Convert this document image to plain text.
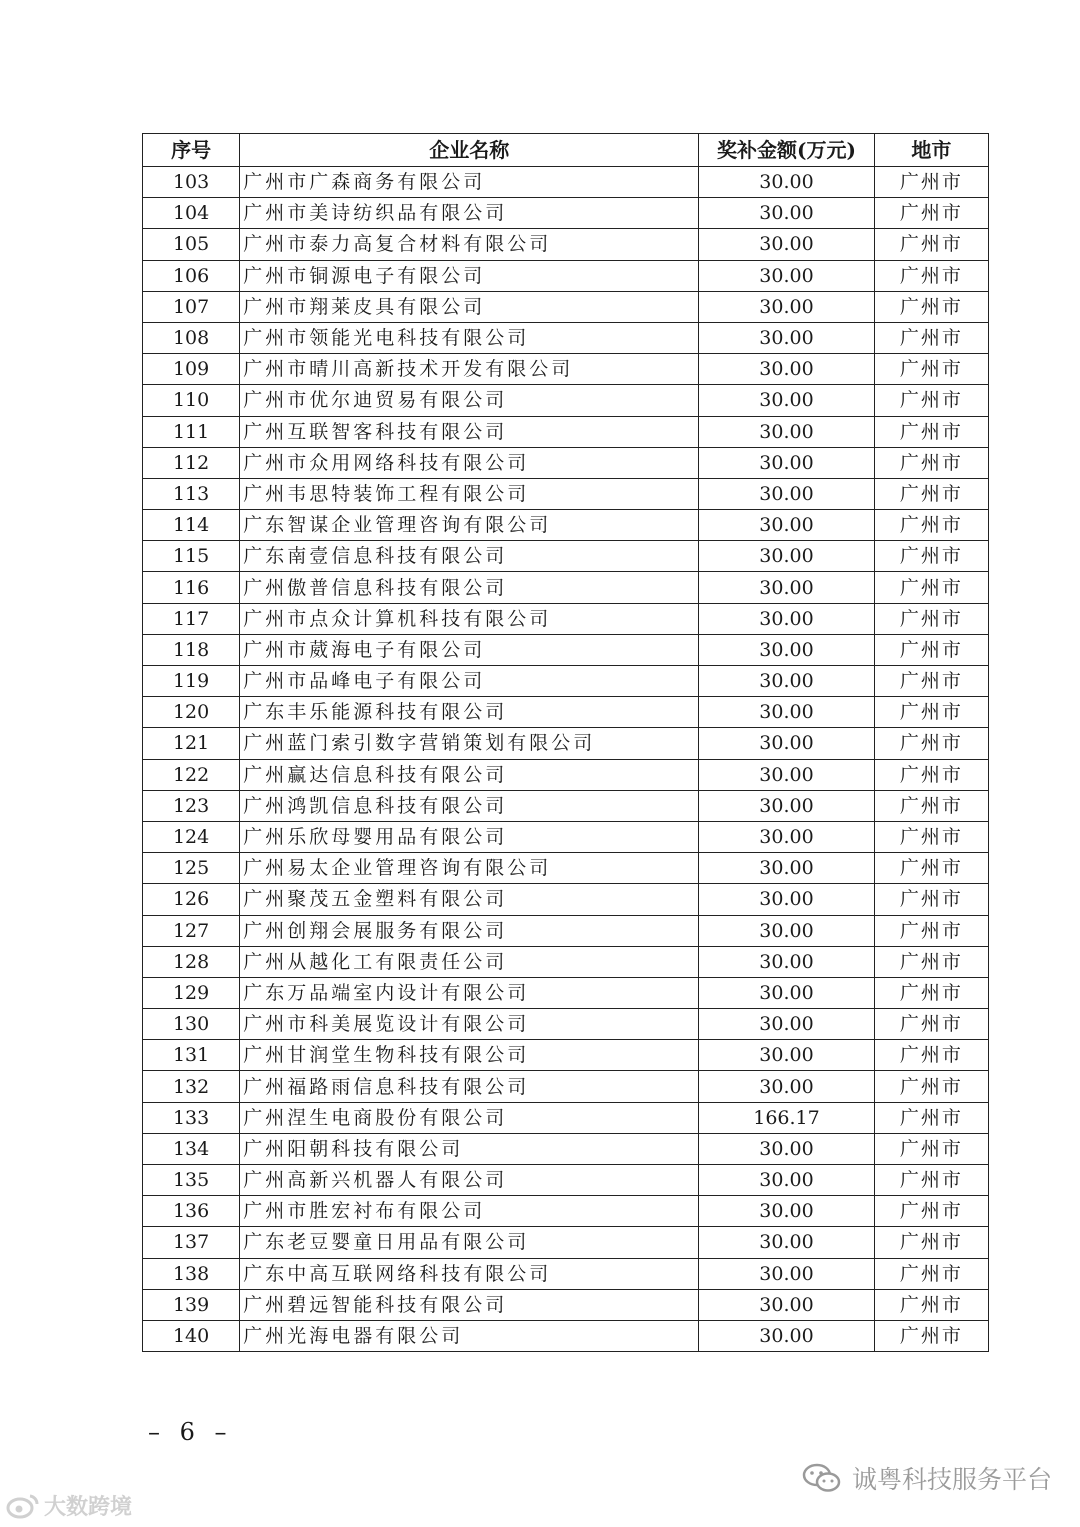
序号	企业名称	奖补金额(万元)	地市
103	广州市广森商务有限公司	30.00	广州市
104	广州市美诗纺织品有限公司	30.00	广州市
105	广州市泰力高复合材料有限公司	30.00	广州市
106	广州市铜源电子有限公司	30.00	广州市
107	广州市翔莱皮具有限公司	30.00	广州市
108	广州市领能光电科技有限公司	30.00	广州市
109	广州市晴川高新技术开发有限公司	30.00	广州市
110	广州市优尔迪贸易有限公司	30.00	广州市
111	广州互联智客科技有限公司	30.00	广州市
112	广州市众用网络科技有限公司	30.00	广州市
113	广州韦思特装饰工程有限公司	30.00	广州市
114	广东智谋企业管理咨询有限公司	30.00	广州市
115	广东南壹信息科技有限公司	30.00	广州市
116	广州傲普信息科技有限公司	30.00	广州市
117	广州市点众计算机科技有限公司	30.00	广州市
118	广州市葳海电子有限公司	30.00	广州市
119	广州市品峰电子有限公司	30.00	广州市
120	广东丰乐能源科技有限公司	30.00	广州市
121	广州蓝门索引数字营销策划有限公司	30.00	广州市
122	广州赢达信息科技有限公司	30.00	广州市
123	广州鸿凯信息科技有限公司	30.00	广州市
124	广州乐欣母婴用品有限公司	30.00	广州市
125	广州易太企业管理咨询有限公司	30.00	广州市
126	广州聚茂五金塑料有限公司	30.00	广州市
127	广州创翔会展服务有限公司	30.00	广州市
128	广州从越化工有限责任公司	30.00	广州市
129	广东万品端室内设计有限公司	30.00	广州市
130	广州市科美展览设计有限公司	30.00	广州市
131	广州甘润堂生物科技有限公司	30.00	广州市
132	广州福路雨信息科技有限公司	30.00	广州市
133	广州涅生电商股份有限公司	166.17	广州市
134	广州阳朝科技有限公司	30.00	广州市
135	广州高新兴机器人有限公司	30.00	广州市
136	广州市胜宏衬布有限公司	30.00	广州市
137	广东老豆婴童日用品有限公司	30.00	广州市
138	广东中高互联网络科技有限公司	30.00	广州市
139	广州碧远智能科技有限公司	30.00	广州市
140	广州光海电器有限公司	30.00	广州市
– 6 –
大数跨境
诚粤科技服务平台
